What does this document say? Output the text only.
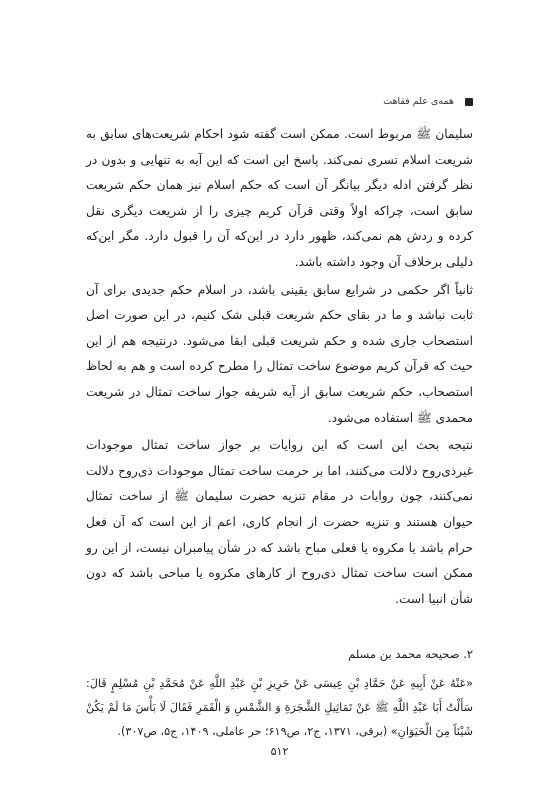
همه‌ی علم فقاهت

سلیمان ﷺ مربوط است. ممکن است گفته شود احکام شریعت‌های سابق به شریعت اسلام تسری نمی‌کند. پاسخ این است که این آیه به تنهایی و بدون در نظر گرفتن ادله دیگر بیانگر آن است که حکم اسلام نیز همان حکم شریعت سابق است، چراکه اولاً وقتی قرآن کریم چیزی را از شریعت دیگری نقل کرده و ردش هم نمی‌کند، ظهور دارد در این‌که آن را قبول دارد. مگر این‌که دلیلی برخلاف آن وجود داشته باشد.

ثانیاً اگر حکمی در شرایع سابق یقینی باشد، در اسلام حکم جدیدی برای آن ثابت نباشد و ما در بقای حکم شریعت قبلی شک کنیم، در این صورت اصل استصحاب جاری شده و حکم شریعت قبلی ابقا می‌شود. درنتیجه هم از این حیث که قرآن کریم موضوع ساخت تمثال را مطرح کرده است و هم به لحاظ استصحاب، حکم شریعت سابق از آیه شریفه جواز ساخت تمثال در شریعت محمدی ﷺ استفاده می‌شود.

نتیجه بحث این است که این روایات بر جواز ساخت تمثال موجودات غیرذی‌روح دلالت می‌کنند، اما بر حرمت ساخت تمثال موجودات ذی‌روح دلالت نمی‌کنند، چون روایات در مقام تنزیه حضرت سلیمان ﷺ از ساخت تمثال حیوان هستند و تنزیه حضرت از انجام کاری، اعم از این است که آن فعل حرام باشد یا مکروه یا فعلی مباح باشد که در شأن پیامبران نیست، از این رو ممکن است ساخت تمثال ذی‌روح از کارهای مکروه یا مباحی باشد که دون شأن انبیا است.

۲. صحیحه محمد بن مسلم

«عَنْهُ عَنْ أَبِيهِ عَنْ حَمَّادِ بْنِ عِيسَى عَنْ حَرِيزِ بْنِ عَبْدِ اللَّهِ عَنْ مُحَمَّدِ بْنِ مُسْلِمٍ قَالَ: سَأَلْتُ أَبَا عَبْدِ اللَّهِ ﷺ عَنْ تَمَاثِيلِ الشَّجَرَةِ وَ الشَّمْسِ وَ الْقَمَرِ فَقَالَ لَا بَأْسَ مَا لَمْ يَكُنْ شَيْئاً مِنَ الْحَيَوَانِ» (برقی، ۱۳۷۱، ج۲، ص۶۱۹؛ حر عاملی، ۱۴۰۹، ج۵، ص۳۰۷).

۵۱۲
